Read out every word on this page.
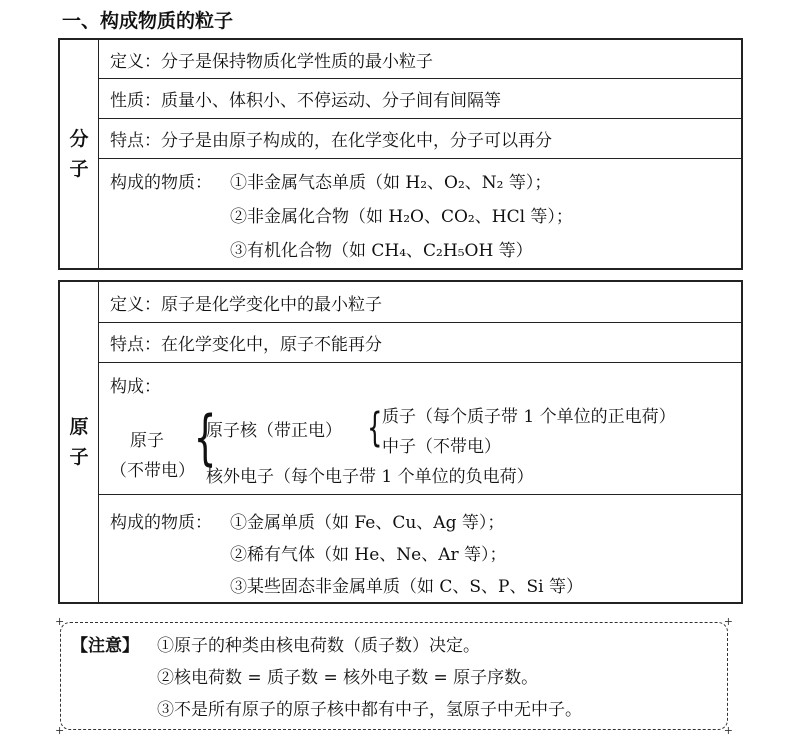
一、构成物质的粒子
分
子
定义：分子是保持物质化学性质的最小粒子
性质：质量小、体积小、不停运动、分子间有间隔等
特点：分子是由原子构成的，在化学变化中，分子可以再分
构成的物质： ①非金属气态单质（如 H₂、O₂、N₂ 等）；
②非金属化合物（如 H₂O、CO₂、HCl 等）；
③有机化合物（如 CH₄、C₂H₅OH 等）
原
子
定义：原子是化学变化中的最小粒子
特点：在化学变化中，原子不能再分
构成：
原子
（不带电）
{
原子核（带正电） { 质子（每个质子带 1 个单位的正电荷）
中子（不带电）
核外电子（每个电子带 1 个单位的负电荷）
构成的物质： ①金属单质（如 Fe、Cu、Ag 等）；
②稀有气体（如 He、Ne、Ar 等）；
③某些固态非金属单质（如 C、S、P、Si 等）
+	+
+	+
【注意】 ①原子的种类由核电荷数（质子数）决定。
②核电荷数 = 质子数 = 核外电子数 = 原子序数。
③不是所有原子的原子核中都有中子，氢原子中无中子。
